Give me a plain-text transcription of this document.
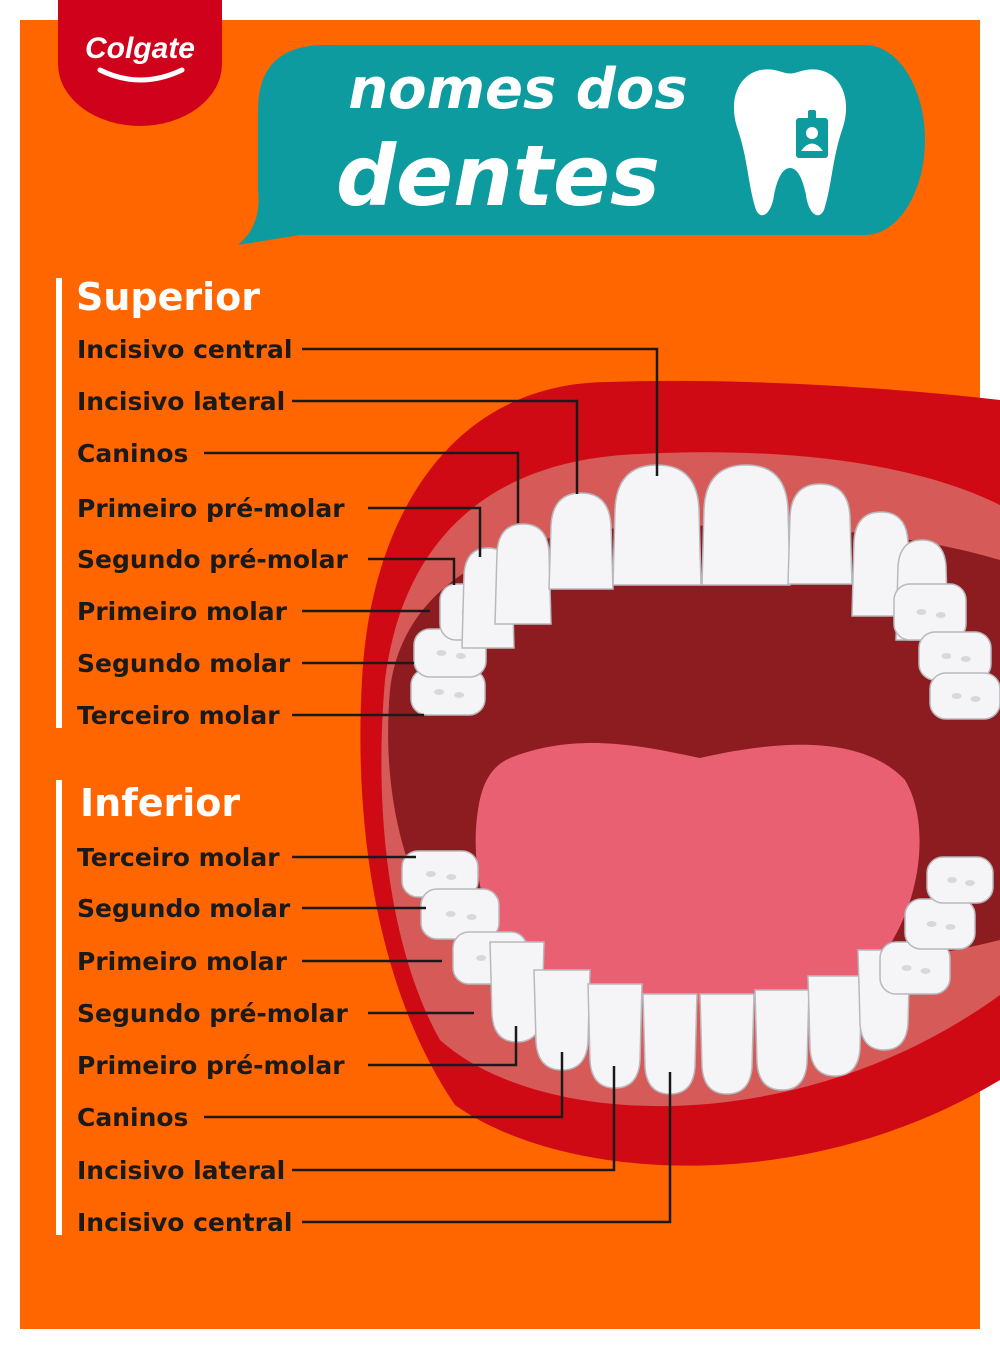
Colgate
nomes dos
dentes
Superior
Inferior
Incisivo central
Incisivo lateral
Caninos
Primeiro pré-molar
Segundo pré-molar
Primeiro molar
Segundo molar
Terceiro molar
Terceiro molar
Segundo molar
Primeiro molar
Segundo pré-molar
Primeiro pré-molar
Caninos
Incisivo lateral
Incisivo central
